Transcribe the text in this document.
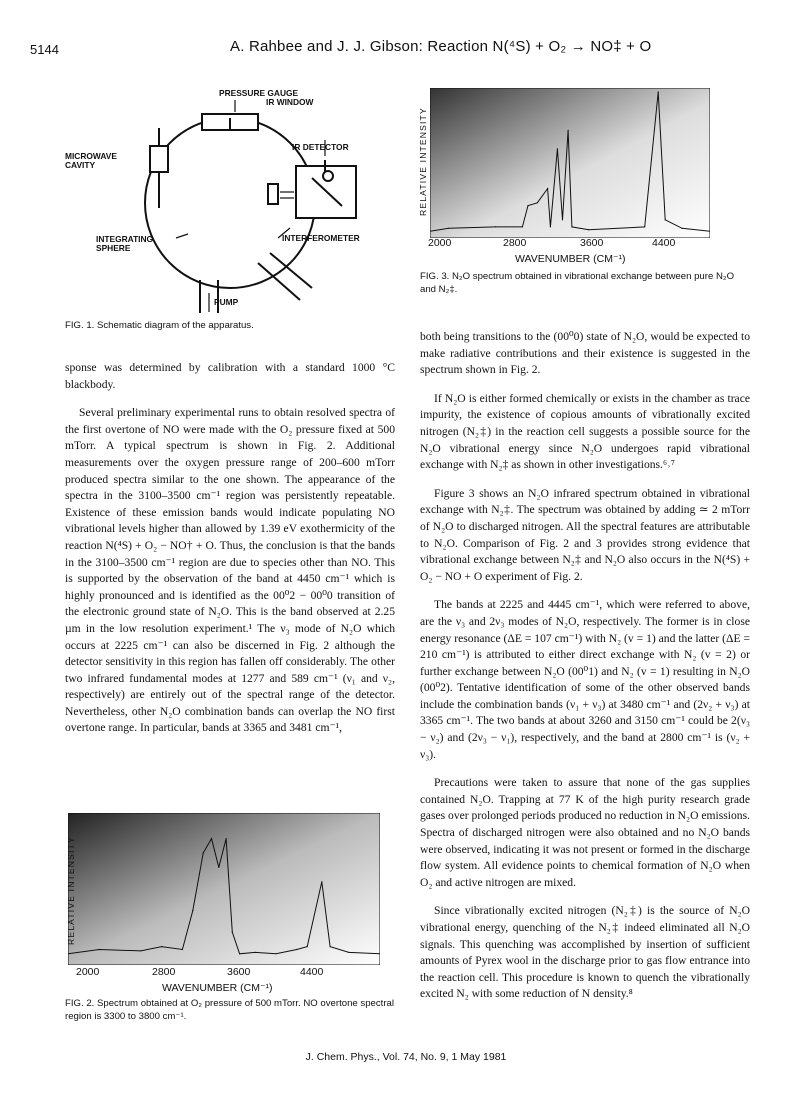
5144	A. Rahbee and J. J. Gibson: Reaction N(⁴S) + O₂ → NO‡ + O
PRESSURE GAUGE
IR WINDOW
MICROWAVE CAVITY
IR DETECTOR
INTEGRATING SPHERE
INTERFEROMETER
PUMP
FIG. 1. Schematic diagram of the apparatus.
RELATIVE INTENSITY
2000	2800	3600	4400
WAVENUMBER (CM⁻¹)
FIG. 3. N₂O spectrum obtained in vibrational exchange between pure N₂O and N₂‡.
RELATIVE INTENSITY
2000	2800	3600	4400
WAVENUMBER (CM⁻¹)
FIG. 2. Spectrum obtained at O₂ pressure of 500 mTorr. NO overtone spectral region is 3300 to 3800 cm⁻¹.

sponse was determined by calibration with a standard 1000 °C blackbody.

Several preliminary experimental runs to obtain resolved spectra of the first overtone of NO were made with the O₂ pressure fixed at 500 mTorr. A typical spectrum is shown in Fig. 2. Additional measurements over the oxygen pressure range of 200–600 mTorr produced spectra similar to the one shown. The appearance of the spectra in the 3100–3500 cm⁻¹ region was persistently repeatable. Existence of these emission bands would indicate populating NO vibrational levels higher than allowed by 1.39 eV exothermicity of the reaction N(⁴S) + O₂ − NO† + O. Thus, the conclusion is that the bands in the 3100–3500 cm⁻¹ region are due to species other than NO. This is supported by the observation of the band at 4450 cm⁻¹ which is highly pronounced and is identified as the 00⁰2 − 00⁰0 transition of the electronic ground state of N₂O. This is the band observed at 2.25 µm in the low resolution experiment.¹ The ν₃ mode of N₂O which occurs at 2225 cm⁻¹ can also be discerned in Fig. 2 although the detector sensitivity in this region has fallen off considerably. The other two infrared fundamental modes at 1277 and 589 cm⁻¹ (ν₁ and ν₂, respectively) are entirely out of the spectral range of the detector. Nevertheless, other N₂O combination bands can overlap the NO first overtone range. In particular, bands at 3365 and 3481 cm⁻¹,

both being transitions to the (00⁰0) state of N₂O, would be expected to make radiative contributions and their existence is suggested in the spectrum shown in Fig. 2.

If N₂O is either formed chemically or exists in the chamber as trace impurity, the existence of copious amounts of vibrationally excited nitrogen (N₂‡) in the reaction cell suggests a possible source for the N₂O vibrational energy since N₂O undergoes rapid vibrational exchange with N₂‡ as shown in other investigations.⁶˒⁷

Figure 3 shows an N₂O infrared spectrum obtained in vibrational exchange with N₂‡. The spectrum was obtained by adding ≃ 2 mTorr of N₂O to discharged nitrogen. All the spectral features are attributable to N₂O. Comparison of Fig. 2 and 3 provides strong evidence that vibrational exchange between N₂‡ and N₂O also occurs in the N(⁴S) + O₂ − NO + O experiment of Fig. 2.

The bands at 2225 and 4445 cm⁻¹, which were referred to above, are the ν₃ and 2ν₃ modes of N₂O, respectively. The former is in close energy resonance (ΔE = 107 cm⁻¹) with N₂ (v = 1) and the latter (ΔE = 210 cm⁻¹) is attributed to either direct exchange with N₂ (v = 2) or further exchange between N₂O (00⁰1) and N₂ (v = 1) resulting in N₂O (00⁰2). Tentative identification of some of the other observed bands include the combination bands (ν₁ + ν₃) at 3480 cm⁻¹ and (2ν₂ + ν₃) at 3365 cm⁻¹. The two bands at about 3260 and 3150 cm⁻¹ could be 2(ν₃ − ν₂) and (2ν₃ − ν₁), respectively, and the band at 2800 cm⁻¹ is (ν₂ + ν₃).

Precautions were taken to assure that none of the gas supplies contained N₂O. Trapping at 77 K of the high purity research grade gases over prolonged periods produced no reduction in N₂O emissions. Spectra of discharged nitrogen were also obtained and no N₂O bands were observed, indicating it was not present or formed in the discharge flow system. All evidence points to chemical formation of N₂O when O₂ and active nitrogen are mixed.

Since vibrationally excited nitrogen (N₂‡) is the source of N₂O vibrational energy, quenching of the N₂‡ indeed eliminated all N₂O signals. This quenching was accomplished by insertion of sufficient amounts of Pyrex wool in the discharge prior to gas flow entrance into the reaction cell. This procedure is known to quench the vibrationally excited N₂ with some reduction of N density.⁸

J. Chem. Phys., Vol. 74, No. 9, 1 May 1981
